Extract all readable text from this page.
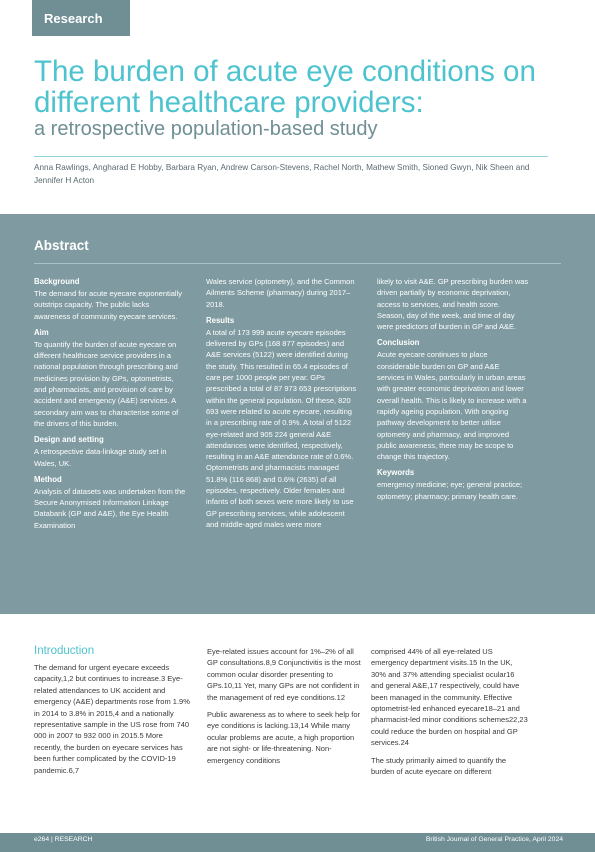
Research
The burden of acute eye conditions on different healthcare providers:
a retrospective population-based study

Anna Rawlings, Angharad E Hobby, Barbara Ryan, Andrew Carson-Stevens, Rachel North, Mathew Smith, Sioned Gwyn, Nik Sheen and Jennifer H Acton

Abstract
Background

The demand for acute eyecare exponentially outstrips capacity. The public lacks awareness of community eyecare services.

Aim

To quantify the burden of acute eyecare on different healthcare service providers in a national population through prescribing and medicines provision by GPs, optometrists, and pharmacists, and provision of care by accident and emergency (A&E) services. A secondary aim was to characterise some of the drivers of this burden.

Design and setting

A retrospective data-linkage study set in Wales, UK.

Method

Analysis of datasets was undertaken from the Secure Anonymised Information Linkage Databank (GP and A&E), the Eye Health Examination

Wales service (optometry), and the Common Ailments Scheme (pharmacy) during 2017–2018.

Results

A total of 173 999 acute eyecare episodes delivered by GPs (168 877 episodes) and A&E services (5122) were identified during the study. This resulted in 65.4 episodes of care per 1000 people per year. GPs prescribed a total of 87 973 653 prescriptions within the general population. Of these, 820 693 were related to acute eyecare, resulting in a prescribing rate of 0.9%. A total of 5122 eye-related and 905 224 general A&E attendances were identified, respectively, resulting in an A&E attendance rate of 0.6%. Optometrists and pharmacists managed 51.8% (116 868) and 0.6% (2635) of all episodes, respectively. Older females and infants of both sexes were more likely to use GP prescribing services, while adolescent and middle-aged males were more

likely to visit A&E. GP prescribing burden was driven partially by economic deprivation, access to services, and health score. Season, day of the week, and time of day were predictors of burden in GP and A&E.

Conclusion

Acute eyecare continues to place considerable burden on GP and A&E services in Wales, particularly in urban areas with greater economic deprivation and lower overall health. This is likely to increase with a rapidly ageing population. With ongoing pathway development to better utilise optometry and pharmacy, and improved public awareness, there may be scope to change this trajectory.

Keywords

emergency medicine; eye; general practice; optometry; pharmacy; primary health care.

Introduction

The demand for urgent eyecare exceeds capacity,1,2 but continues to increase.3 Eye-related attendances to UK accident and emergency (A&E) departments rose from 1.9% in 2014 to 3.8% in 2015,4 and a nationally representative sample in the US rose from 740 000 in 2007 to 932 000 in 2015.5 More recently, the burden on eyecare services has been further complicated by the COVID-19 pandemic.6,7

Eye-related issues account for 1%–2% of all GP consultations.8,9 Conjunctivitis is the most common ocular disorder presenting to GPs.10,11 Yet, many GPs are not confident in the management of red eye conditions.12

Public awareness as to where to seek help for eye conditions is lacking.13,14 While many ocular problems are acute, a high proportion are not sight- or life-threatening. Non-emergency conditions

comprised 44% of all eye-related US emergency department visits.15 In the UK, 30% and 37% attending specialist ocular16 and general A&E,17 respectively, could have been managed in the community. Effective optometrist-led enhanced eyecare18–21 and pharmacist-led minor conditions schemes22,23 could reduce the burden on hospital and GP services.24

The study primarily aimed to quantify the burden of acute eyecare on different

e264 | RESEARCH	British Journal of General Practice, April 2024
